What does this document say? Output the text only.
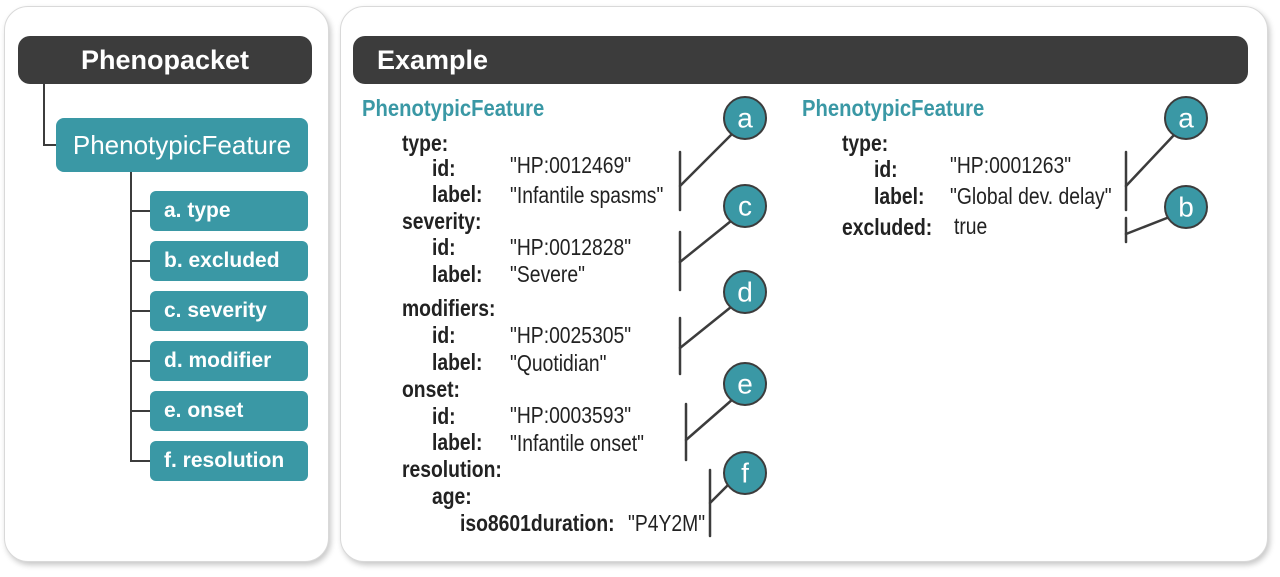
Phenopacket	Example
PhenotypicFeature
a. type
b. excluded
c. severity
d. modifier
e. onset
f. resolution
PhenotypicFeature
type:
id: "HP:0012469"
label:	"Infantile spasms"
severity:
id: "HP:0012828"
label:	"Severe"
modifiers:
id: "HP:0025305"
label:	"Quotidian"
onset:
id: "HP:0003593"
label:	"Infantile onset"
resolution:
age:
iso8601duration: "P4Y2M"
PhenotypicFeature
type:
id: "HP:0001263"
label:	"Global dev. delay"
excluded: true
a
c
d
e
f
a
b
